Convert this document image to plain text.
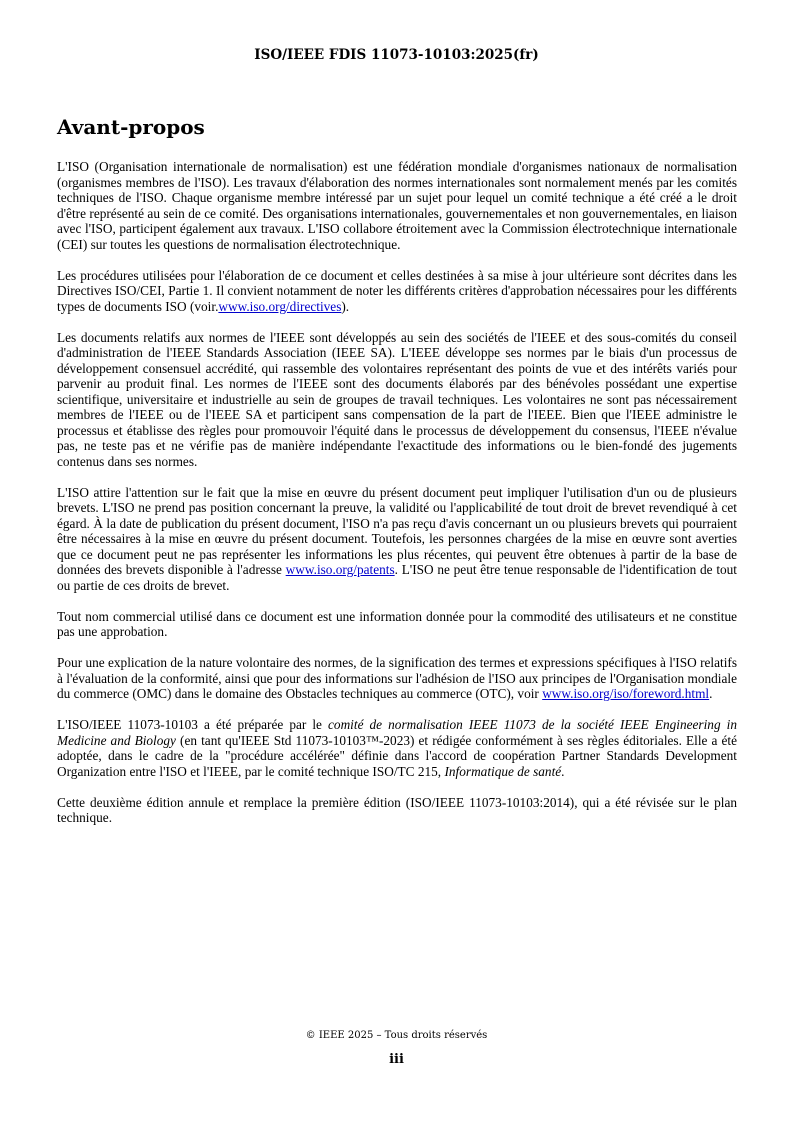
ISO/IEEE FDIS 11073-10103:2025(fr)
Avant-propos

L'ISO (Organisation internationale de normalisation) est une fédération mondiale d'organismes nationaux de normalisation (organismes membres de l'ISO). Les travaux d'élaboration des normes internationales sont normalement menés par les comités techniques de l'ISO. Chaque organisme membre intéressé par un sujet pour lequel un comité technique a été créé a le droit d'être représenté au sein de ce comité. Des organisations internationales, gouvernementales et non gouvernementales, en liaison avec l'ISO, participent également aux travaux. L'ISO collabore étroitement avec la Commission électrotechnique internationale (CEI) sur toutes les questions de normalisation électrotechnique.

Les procédures utilisées pour l'élaboration de ce document et celles destinées à sa mise à jour ultérieure sont décrites dans les Directives ISO/CEI, Partie 1. Il convient notamment de noter les différents critères d'approbation nécessaires pour les différents types de documents ISO (voir.www.iso.org/directives).

Les documents relatifs aux normes de l'IEEE sont développés au sein des sociétés de l'IEEE et des sous-comités du conseil d'administration de l'IEEE Standards Association (IEEE SA). L'IEEE développe ses normes par le biais d'un processus de développement consensuel accrédité, qui rassemble des volontaires représentant des points de vue et des intérêts variés pour parvenir au produit final. Les normes de l'IEEE sont des documents élaborés par des bénévoles possédant une expertise scientifique, universitaire et industrielle au sein de groupes de travail techniques. Les volontaires ne sont pas nécessairement membres de l'IEEE ou de l'IEEE SA et participent sans compensation de la part de l'IEEE. Bien que l'IEEE administre le processus et établisse des règles pour promouvoir l'équité dans le processus de développement du consensus, l'IEEE n'évalue pas, ne teste pas et ne vérifie pas de manière indépendante l'exactitude des informations ou le bien-fondé des jugements contenus dans ses normes.

L'ISO attire l'attention sur le fait que la mise en œuvre du présent document peut impliquer l'utilisation d'un ou de plusieurs brevets. L'ISO ne prend pas position concernant la preuve, la validité ou l'applicabilité de tout droit de brevet revendiqué à cet égard. À la date de publication du présent document, l'ISO n'a pas reçu d'avis concernant un ou plusieurs brevets qui pourraient être nécessaires à la mise en œuvre du présent document. Toutefois, les personnes chargées de la mise en œuvre sont averties que ce document peut ne pas représenter les informations les plus récentes, qui peuvent être obtenues à partir de la base de données des brevets disponible à l'adresse www.iso.org/patents. L'ISO ne peut être tenue responsable de l'identification de tout ou partie de ces droits de brevet.

Tout nom commercial utilisé dans ce document est une information donnée pour la commodité des utilisateurs et ne constitue pas une approbation.

Pour une explication de la nature volontaire des normes, de la signification des termes et expressions spécifiques à l'ISO relatifs à l'évaluation de la conformité, ainsi que pour des informations sur l'adhésion de l'ISO aux principes de l'Organisation mondiale du commerce (OMC) dans le domaine des Obstacles techniques au commerce (OTC), voir www.iso.org/iso/foreword.html.

L'ISO/IEEE 11073-10103 a été préparée par le comité de normalisation IEEE 11073 de la société IEEE Engineering in Medicine and Biology (en tant qu'IEEE Std 11073-10103™-2023) et rédigée conformément à ses règles éditoriales. Elle a été adoptée, dans le cadre de la "procédure accélérée" définie dans l'accord de coopération Partner Standards Development Organization entre l'ISO et l'IEEE, par le comité technique ISO/TC 215, Informatique de santé.

Cette deuxième édition annule et remplace la première édition (ISO/IEEE 11073-10103:2014), qui a été révisée sur le plan technique.

© IEEE 2025 – Tous droits réservés
iii
